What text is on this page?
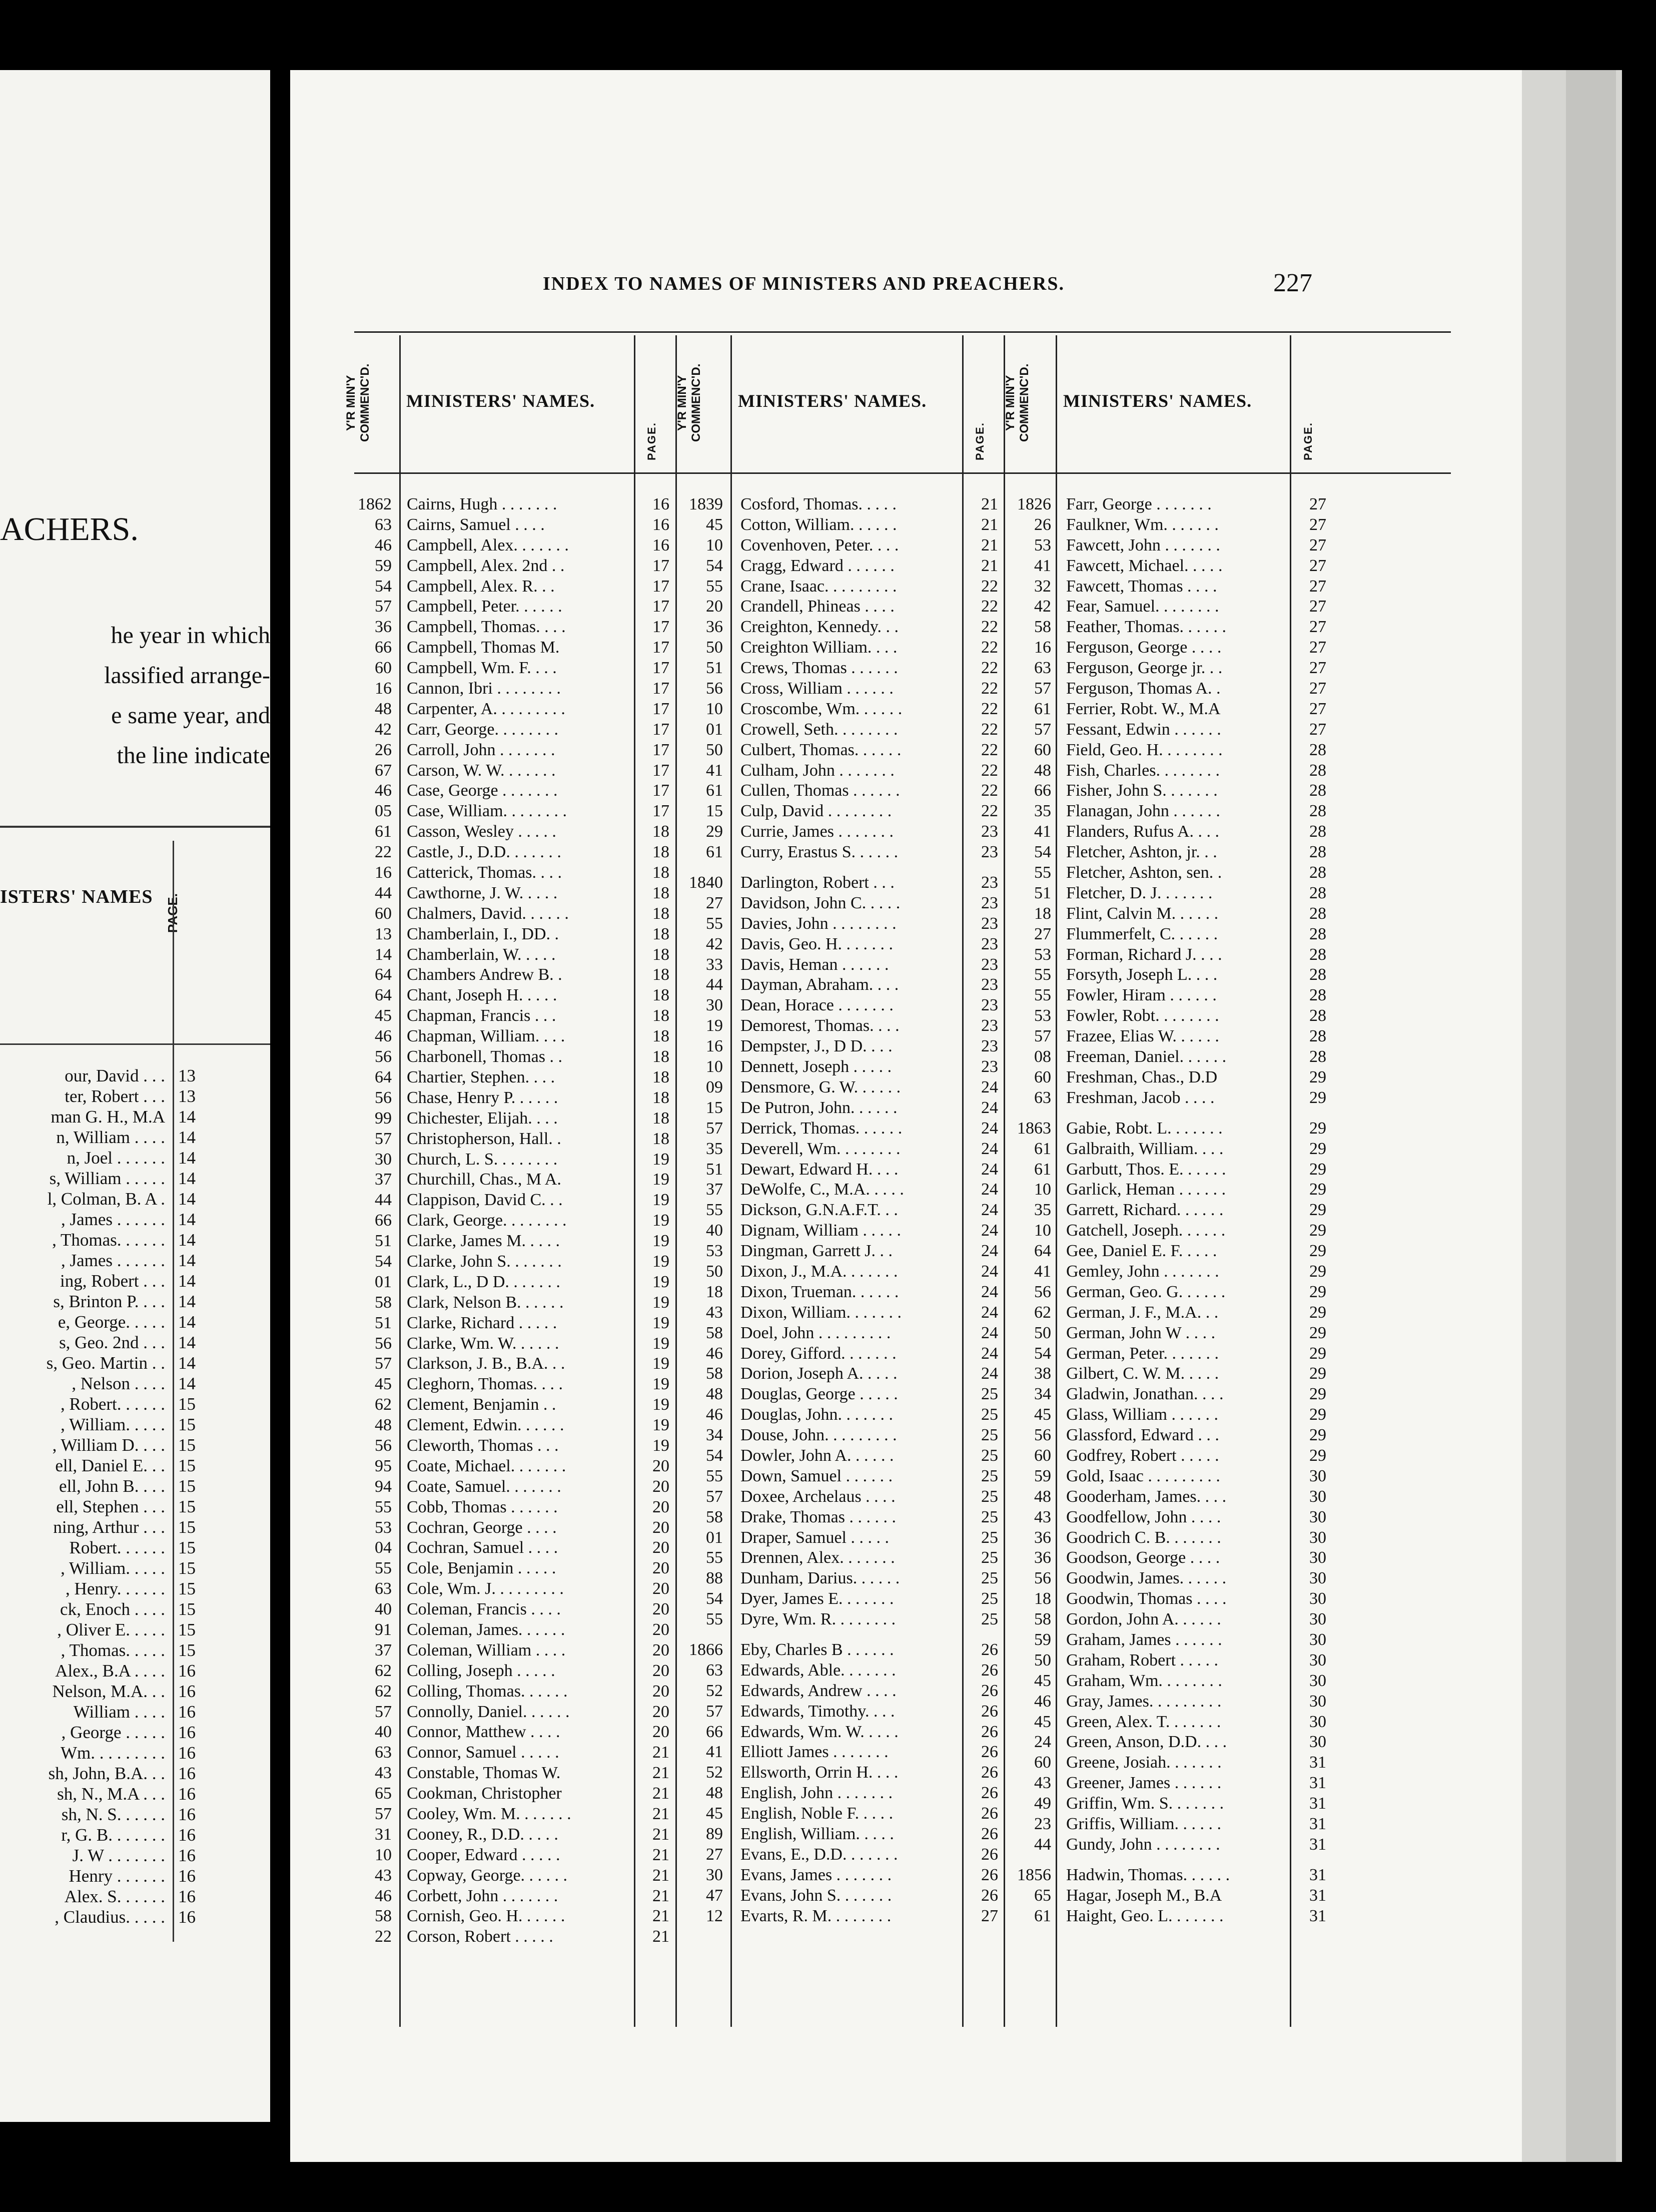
ACHERS.
he year in which
lassified arrange-
e same year, and
the line indicate
ISTERS' NAMES PAGE.
our, David . . . 13
ter, Robert . . . 13
man G. H., M.A 14
n, William . . . . 14
n, Joel . . . . . . 14
s, William . . . . . 14
l, Colman, B. A . 14
, James . . . . . . 14
, Thomas. . . . . . 14
, James . . . . . . 14
ing, Robert . . . 14
s, Brinton P. . . . 14
e, George. . . . . 14
s, Geo. 2nd . . . 14
s, Geo. Martin . . 14
, Nelson . . . . 14
, Robert. . . . . . 15
, William. . . . . 15
, William D. . . . 15
ell, Daniel E. . . 15
ell, John B. . . . 15
ell, Stephen . . . 15
ning, Arthur . . . 15
Robert. . . . . . 15
, William. . . . . 15
, Henry. . . . . . 15
ck, Enoch . . . . 15
, Oliver E. . . . . 15
, Thomas. . . . . 15
Alex., B.A . . . . 16
Nelson, M.A. . . 16
William . . . . 16
, George . . . . . 16
Wm. . . . . . . . . 16
sh, John, B.A. . . 16
sh, N., M.A . . . 16
sh, N. S. . . . . . 16
r, G. B. . . . . . . 16
J. W . . . . . . . 16
Henry . . . . . . 16
Alex. S. . . . . . 16
, Claudius. . . . . 16
INDEX TO NAMES OF MINISTERS AND PREACHERS.	227
Y'R MIN'Y
COMMENC'D.	MINISTERS' NAMES.
PAGE.
Y'R MIN'Y
COMMENC'D.	MINISTERS' NAMES.
PAGE.
Y'R MIN'Y
COMMENC'D.	MINISTERS' NAMES.
PAGE.
1862 Cairns, Hugh . . . . . . .	16
63 Cairns, Samuel . . . .	16
46 Campbell, Alex. . . . . . .	16
59 Campbell, Alex. 2nd . .	17
54 Campbell, Alex. R. . .	17
57 Campbell, Peter. . . . . .	17
36 Campbell, Thomas. . . .	17
66 Campbell, Thomas M.	17
60 Campbell, Wm. F. . . .	17
16 Cannon, Ibri . . . . . . . .	17
48 Carpenter, A. . . . . . . . .	17
42 Carr, George. . . . . . . .	17
26 Carroll, John . . . . . . .	17
67 Carson, W. W. . . . . . .	17
46 Case, George . . . . . . .	17
05 Case, William. . . . . . . .	17
61 Casson, Wesley . . . . .	18
22 Castle, J., D.D. . . . . . .	18
16 Catterick, Thomas. . . .	18
44 Cawthorne, J. W. . . . .	18
60 Chalmers, David. . . . . .	18
13 Chamberlain, I., DD. .	18
14 Chamberlain, W. . . . .	18
64 Chambers Andrew B. .	18
64 Chant, Joseph H. . . . .	18
45 Chapman, Francis . . .	18
46 Chapman, William. . . .	18
56 Charbonell, Thomas . .	18
64 Chartier, Stephen. . . .	18
56 Chase, Henry P. . . . . .	18
99 Chichester, Elijah. . . .	18
57 Christopherson, Hall. .	18
30 Church, L. S. . . . . . . .	19
37 Churchill, Chas., M A.	19
44 Clappison, David C. . .	19
66 Clark, George. . . . . . . .	19
51 Clarke, James M. . . . .	19
54 Clarke, John S. . . . . . .	19
01 Clark, L., D D. . . . . . .	19
58 Clark, Nelson B. . . . . .	19
51 Clarke, Richard . . . . .	19
56 Clarke, Wm. W. . . . . .	19
57 Clarkson, J. B., B.A. . .	19
45 Cleghorn, Thomas. . . .	19
62 Clement, Benjamin . .	19
48 Clement, Edwin. . . . . .	19
56 Cleworth, Thomas . . .	19
95 Coate, Michael. . . . . . .	20
94 Coate, Samuel. . . . . . .	20
55 Cobb, Thomas . . . . . .	20
53 Cochran, George . . . .	20
04 Cochran, Samuel . . . .	20
55 Cole, Benjamin . . . . .	20
63 Cole, Wm. J. . . . . . . . .	20
40 Coleman, Francis . . . .	20
91 Coleman, James. . . . . .	20
37 Coleman, William . . . .	20
62 Colling, Joseph . . . . .	20
62 Colling, Thomas. . . . . .	20
57 Connolly, Daniel. . . . . .	20
40 Connor, Matthew . . . .	20
63 Connor, Samuel . . . . .	21
43 Constable, Thomas W.	21
65 Cookman, Christopher	21
57 Cooley, Wm. M. . . . . . .	21
31 Cooney, R., D.D. . . . .	21
10 Cooper, Edward . . . . .	21
43 Copway, George. . . . . .	21
46 Corbett, John . . . . . . .	21
58 Cornish, Geo. H. . . . . .	21
22 Corson, Robert . . . . .	21
1839 Cosford, Thomas. . . . .	21
45 Cotton, William. . . . . .	21
10 Covenhoven, Peter. . . .	21
54 Cragg, Edward . . . . . .	21
55 Crane, Isaac. . . . . . . . .	22
20 Crandell, Phineas . . . .	22
36 Creighton, Kennedy. . .	22
50 Creighton William. . . .	22
51 Crews, Thomas . . . . . .	22
56 Cross, William . . . . . .	22
10 Croscombe, Wm. . . . . .	22
01 Crowell, Seth. . . . . . . .	22
50 Culbert, Thomas. . . . . .	22
41 Culham, John . . . . . . .	22
61 Cullen, Thomas . . . . . .	22
15 Culp, David . . . . . . . .	22
29 Currie, James . . . . . . .	23
61 Curry, Erastus S. . . . . .	23
1840 Darlington, Robert . . .	23
27 Davidson, John C. . . . .	23
55 Davies, John . . . . . . . .	23
42 Davis, Geo. H. . . . . . .	23
33 Davis, Heman . . . . . .	23
44 Dayman, Abraham. . . .	23
30 Dean, Horace . . . . . . .	23
19 Demorest, Thomas. . . .	23
16 Dempster, J., D D. . . .	23
10 Dennett, Joseph . . . . .	23
09 Densmore, G. W. . . . . .	24
15 De Putron, John. . . . . .	24
57 Derrick, Thomas. . . . . .	24
35 Deverell, Wm. . . . . . . .	24
51 Dewart, Edward H. . . .	24
37 DeWolfe, C., M.A. . . . .	24
55 Dickson, G.N.A.F.T. . .	24
40 Dignam, William . . . . .	24
53 Dingman, Garrett J. . .	24
50 Dixon, J., M.A. . . . . . .	24
18 Dixon, Trueman. . . . . .	24
43 Dixon, William. . . . . . .	24
58 Doel, John . . . . . . . . .	24
46 Dorey, Gifford. . . . . . .	24
58 Dorion, Joseph A. . . . .	24
48 Douglas, George . . . . .	25
46 Douglas, John. . . . . . .	25
34 Douse, John. . . . . . . . .	25
54 Dowler, John A. . . . . .	25
55 Down, Samuel . . . . . .	25
57 Doxee, Archelaus . . . .	25
58 Drake, Thomas . . . . . .	25
01 Draper, Samuel . . . . .	25
55 Drennen, Alex. . . . . . .	25
88 Dunham, Darius. . . . . .	25
54 Dyer, James E. . . . . . .	25
55 Dyre, Wm. R. . . . . . . .	25
1866 Eby, Charles B . . . . . .	26
63 Edwards, Able. . . . . . .	26
52 Edwards, Andrew . . . .	26
57 Edwards, Timothy. . . .	26
66 Edwards, Wm. W. . . . .	26
41 Elliott James . . . . . . .	26
52 Ellsworth, Orrin H. . . .	26
48 English, John . . . . . . .	26
45 English, Noble F. . . . .	26
89 English, William. . . . .	26
27 Evans, E., D.D. . . . . . .	26
30 Evans, James . . . . . . .	26
47 Evans, John S. . . . . . .	26
12 Evarts, R. M. . . . . . . .	27
1826 Farr, George . . . . . . .	27
26 Faulkner, Wm. . . . . . .	27
53 Fawcett, John . . . . . . .	27
41 Fawcett, Michael. . . . .	27
32 Fawcett, Thomas . . . .	27
42 Fear, Samuel. . . . . . . .	27
58 Feather, Thomas. . . . . .	27
16 Ferguson, George . . . .	27
63 Ferguson, George jr. . .	27
57 Ferguson, Thomas A. .	27
61 Ferrier, Robt. W., M.A	27
57 Fessant, Edwin . . . . . .	27
60 Field, Geo. H. . . . . . . .	28
48 Fish, Charles. . . . . . . .	28
66 Fisher, John S. . . . . . .	28
35 Flanagan, John . . . . . .	28
41 Flanders, Rufus A. . . .	28
54 Fletcher, Ashton, jr. . .	28
55 Fletcher, Ashton, sen. .	28
51 Fletcher, D. J. . . . . . .	28
18 Flint, Calvin M. . . . . .	28
27 Flummerfelt, C. . . . . .	28
53 Forman, Richard J. . . .	28
55 Forsyth, Joseph L. . . .	28
55 Fowler, Hiram . . . . . .	28
53 Fowler, Robt. . . . . . . .	28
57 Frazee, Elias W. . . . . .	28
08 Freeman, Daniel. . . . . .	28
60 Freshman, Chas., D.D	29
63 Freshman, Jacob . . . .	29
1863 Gabie, Robt. L. . . . . . .	29
61 Galbraith, William. . . .	29
61 Garbutt, Thos. E. . . . . .	29
10 Garlick, Heman . . . . . .	29
35 Garrett, Richard. . . . . .	29
10 Gatchell, Joseph. . . . . .	29
64 Gee, Daniel E. F. . . . .	29
41 Gemley, John . . . . . . .	29
56 German, Geo. G. . . . . .	29
62 German, J. F., M.A. . .	29
50 German, John W . . . .	29
54 German, Peter. . . . . . .	29
38 Gilbert, C. W. M. . . . .	29
34 Gladwin, Jonathan. . . .	29
45 Glass, William . . . . . .	29
56 Glassford, Edward . . .	29
60 Godfrey, Robert . . . . .	29
59 Gold, Isaac . . . . . . . . .	30
48 Gooderham, James. . . .	30
43 Goodfellow, John . . . .	30
36 Goodrich C. B. . . . . . .	30
36 Goodson, George . . . .	30
56 Goodwin, James. . . . . .	30
18 Goodwin, Thomas . . . .	30
58 Gordon, John A. . . . . .	30
59 Graham, James . . . . . .	30
50 Graham, Robert . . . . .	30
45 Graham, Wm. . . . . . . .	30
46 Gray, James. . . . . . . . .	30
45 Green, Alex. T. . . . . . .	30
24 Green, Anson, D.D. . . .	30
60 Greene, Josiah. . . . . . .	31
43 Greener, James . . . . . .	31
49 Griffin, Wm. S. . . . . . .	31
23 Griffis, William. . . . . .	31
44 Gundy, John . . . . . . . .	31
1856 Hadwin, Thomas. . . . . .	31
65 Hagar, Joseph M., B.A	31
61 Haight, Geo. L. . . . . . .	31
